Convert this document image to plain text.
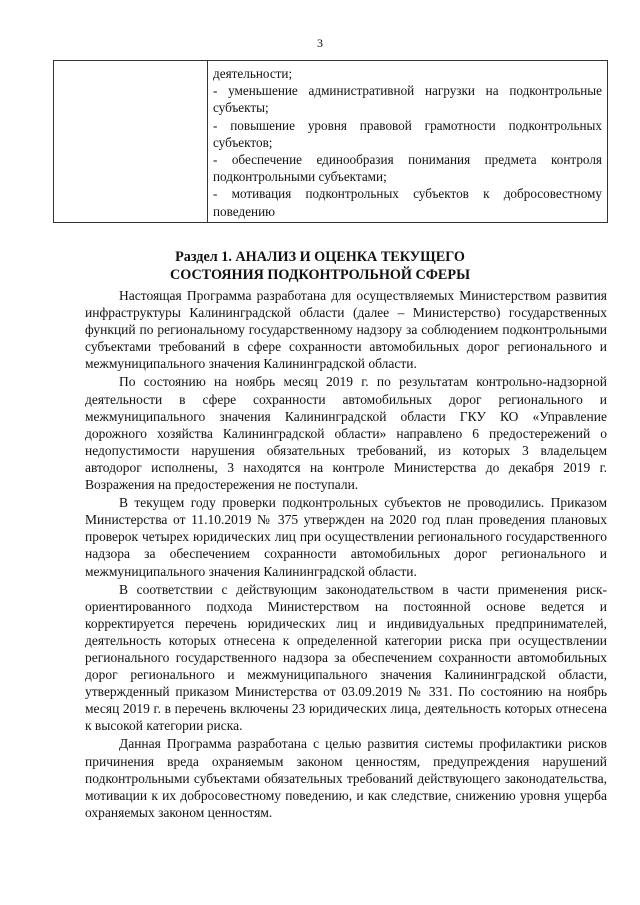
3

деятельности;

- уменьшение административной нагрузки на подконтрольные субъекты;

- повышение уровня правовой грамотности подконтрольных субъектов;

- обеспечение единообразия понимания предмета контроля подконтрольными субъектами;

- мотивация подконтрольных субъектов к добросовестному поведению

Раздел 1. АНАЛИЗ И ОЦЕНКА ТЕКУЩЕГО
СОСТОЯНИЯ ПОДКОНТРОЛЬНОЙ СФЕРЫ

Настоящая Программа разработана для осуществляемых Министерством развития инфраструктуры Калининградской области (далее – Министерство) государственных функций по региональному государственному надзору за соблюдением подконтрольными субъектами требований в сфере сохранности автомобильных дорог регионального и межмуниципального значения Калининградской области.

По состоянию на ноябрь месяц 2019 г. по результатам контрольно-надзорной деятельности в сфере сохранности автомобильных дорог регионального и межмуниципального значения Калининградской области ГКУ КО «Управление дорожного хозяйства Калининградской области» направлено 6 предостережений о недопустимости нарушения обязательных требований, из которых 3 владельцем автодорог исполнены, 3 находятся на контроле Министерства до декабря 2019 г. Возражения на предостережения не поступали.

В текущем году проверки подконтрольных субъектов не проводились. Приказом Министерства от 11.10.2019 № 375 утвержден на 2020 год план проведения плановых проверок четырех юридических лиц при осуществлении регионального государственного надзора за обеспечением сохранности автомобильных дорог регионального и межмуниципального значения Калининградской области.

В соответствии с действующим законодательством в части применения риск-ориентированного подхода Министерством на постоянной основе ведется и корректируется перечень юридических лиц и индивидуальных предпринимателей, деятельность которых отнесена к определенной категории риска при осуществлении регионального государственного надзора за обеспечением сохранности автомобильных дорог регионального и межмуниципального значения Калининградской области, утвержденный приказом Министерства от 03.09.2019 № 331. По состоянию на ноябрь месяц 2019 г. в перечень включены 23 юридических лица, деятельность которых отнесена к высокой категории риска.

Данная Программа разработана с целью развития системы профилактики рисков причинения вреда охраняемым законом ценностям, предупреждения нарушений подконтрольными субъектами обязательных требований действующего законодательства, мотивации к их добросовестному поведению, и как следствие, снижению уровня ущерба охраняемых законом ценностям.
